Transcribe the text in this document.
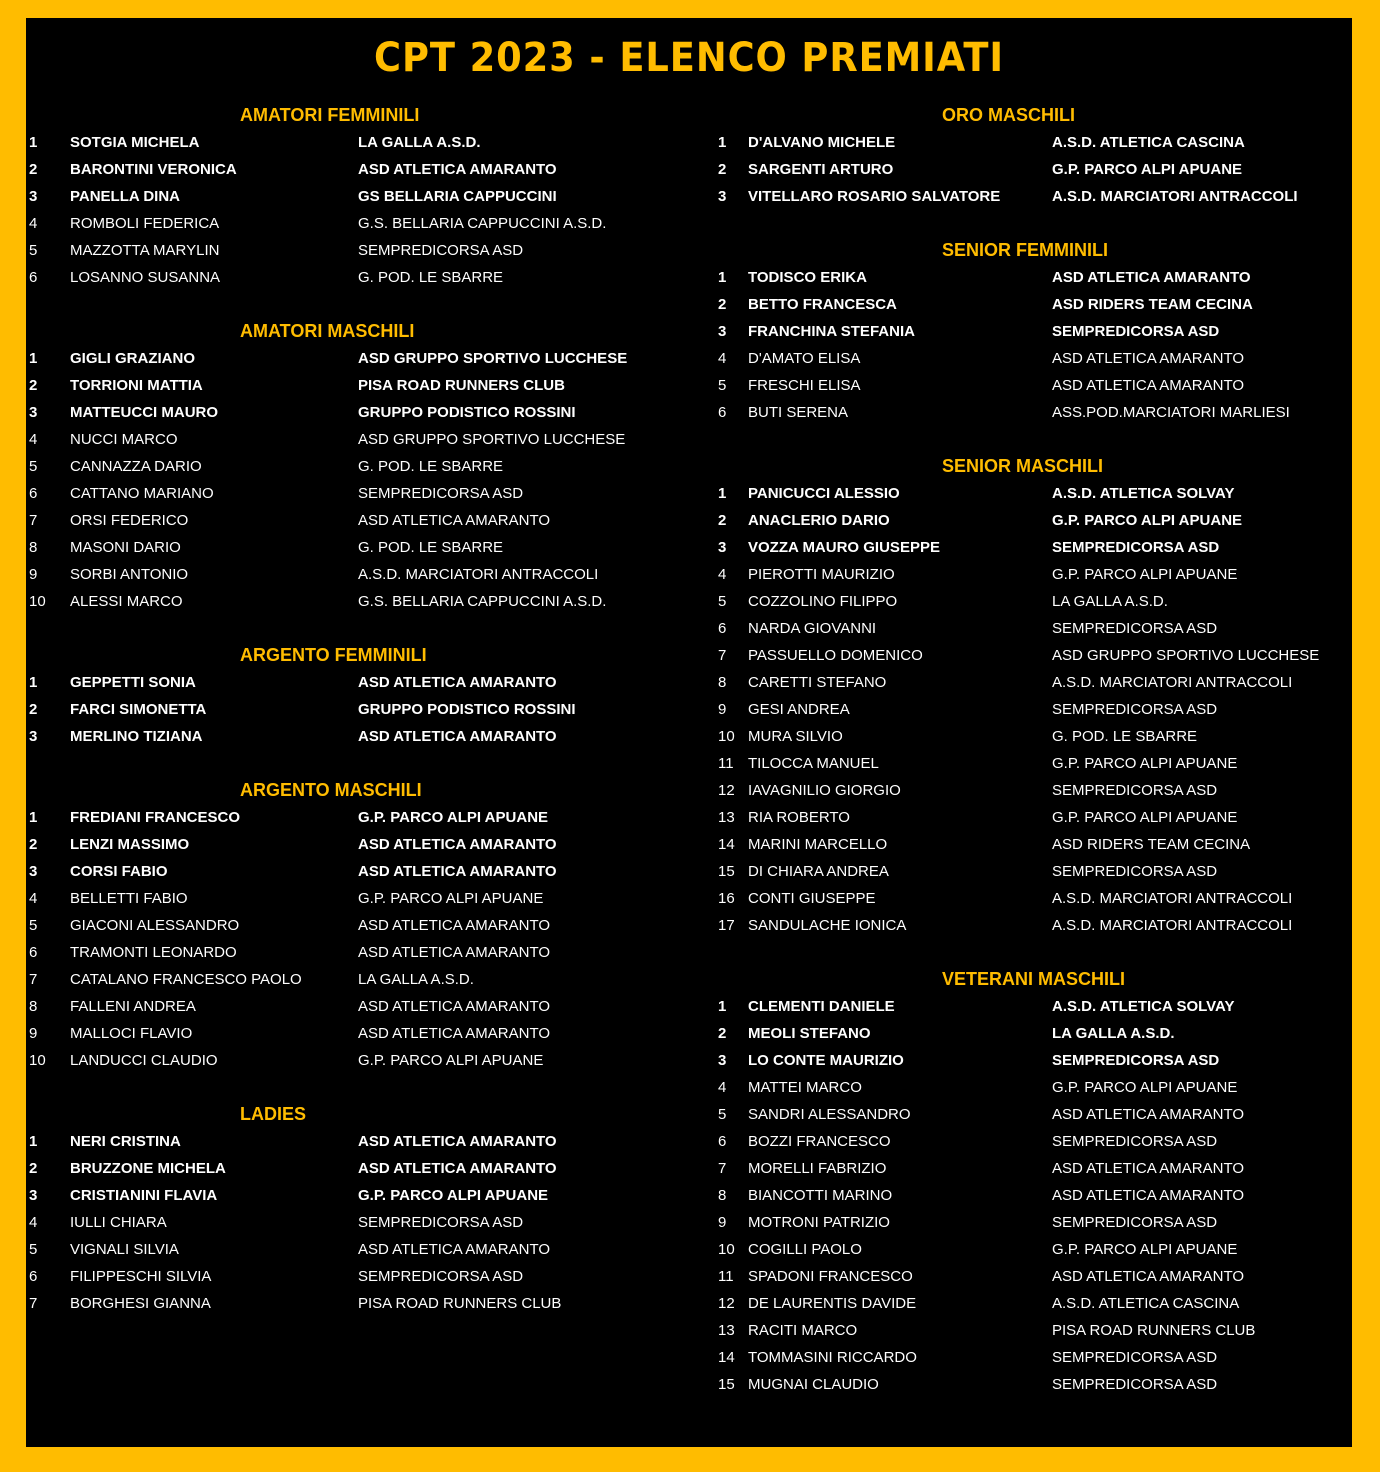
CPT 2023 - ELENCO PREMIATI
AMATORI FEMMINILI
1 SOTGIA MICHELA	LA GALLA A.S.D.
2 BARONTINI VERONICA	ASD ATLETICA AMARANTO
3 PANELLA DINA	GS BELLARIA CAPPUCCINI
4 ROMBOLI FEDERICA	G.S. BELLARIA CAPPUCCINI A.S.D.
5 MAZZOTTA MARYLIN	SEMPREDICORSA ASD
6 LOSANNO SUSANNA	G. POD. LE SBARRE
AMATORI MASCHILI
1 GIGLI GRAZIANO	ASD GRUPPO SPORTIVO LUCCHESE
2 TORRIONI MATTIA	PISA ROAD RUNNERS CLUB
3 MATTEUCCI MAURO	GRUPPO PODISTICO ROSSINI
4 NUCCI MARCO	ASD GRUPPO SPORTIVO LUCCHESE
5 CANNAZZA DARIO	G. POD. LE SBARRE
6 CATTANO MARIANO	SEMPREDICORSA ASD
7 ORSI FEDERICO	ASD ATLETICA AMARANTO
8 MASONI DARIO	G. POD. LE SBARRE
9 SORBI ANTONIO	A.S.D. MARCIATORI ANTRACCOLI
10 ALESSI MARCO	G.S. BELLARIA CAPPUCCINI A.S.D.
ARGENTO FEMMINILI
1 GEPPETTI SONIA	ASD ATLETICA AMARANTO
2 FARCI SIMONETTA	GRUPPO PODISTICO ROSSINI
3 MERLINO TIZIANA	ASD ATLETICA AMARANTO
ARGENTO MASCHILI
1 FREDIANI FRANCESCO	G.P. PARCO ALPI APUANE
2 LENZI MASSIMO	ASD ATLETICA AMARANTO
3 CORSI FABIO	ASD ATLETICA AMARANTO
4 BELLETTI FABIO	G.P. PARCO ALPI APUANE
5 GIACONI ALESSANDRO	ASD ATLETICA AMARANTO
6 TRAMONTI LEONARDO	ASD ATLETICA AMARANTO
7 CATALANO FRANCESCO PAOLO	LA GALLA A.S.D.
8 FALLENI ANDREA	ASD ATLETICA AMARANTO
9 MALLOCI FLAVIO	ASD ATLETICA AMARANTO
10 LANDUCCI CLAUDIO	G.P. PARCO ALPI APUANE
LADIES
1 NERI CRISTINA	ASD ATLETICA AMARANTO
2 BRUZZONE MICHELA	ASD ATLETICA AMARANTO
3 CRISTIANINI FLAVIA	G.P. PARCO ALPI APUANE
4 IULLI CHIARA	SEMPREDICORSA ASD
5 VIGNALI SILVIA	ASD ATLETICA AMARANTO
6 FILIPPESCHI SILVIA	SEMPREDICORSA ASD
7 BORGHESI GIANNA	PISA ROAD RUNNERS CLUB
ORO MASCHILI
1 D'ALVANO MICHELE	A.S.D. ATLETICA CASCINA
2 SARGENTI ARTURO	G.P. PARCO ALPI APUANE
3 VITELLARO ROSARIO SALVATORE	A.S.D. MARCIATORI ANTRACCOLI
SENIOR FEMMINILI
1 TODISCO ERIKA	ASD ATLETICA AMARANTO
2 BETTO FRANCESCA	ASD RIDERS TEAM CECINA
3 FRANCHINA STEFANIA	SEMPREDICORSA ASD
4 D'AMATO ELISA	ASD ATLETICA AMARANTO
5 FRESCHI ELISA	ASD ATLETICA AMARANTO
6 BUTI SERENA	ASS.POD.MARCIATORI MARLIESI
SENIOR MASCHILI
1 PANICUCCI ALESSIO	A.S.D. ATLETICA SOLVAY
2 ANACLERIO DARIO	G.P. PARCO ALPI APUANE
3 VOZZA MAURO GIUSEPPE	SEMPREDICORSA ASD
4 PIEROTTI MAURIZIO	G.P. PARCO ALPI APUANE
5 COZZOLINO FILIPPO	LA GALLA A.S.D.
6 NARDA GIOVANNI	SEMPREDICORSA ASD
7 PASSUELLO DOMENICO	ASD GRUPPO SPORTIVO LUCCHESE
8 CARETTI STEFANO	A.S.D. MARCIATORI ANTRACCOLI
9 GESI ANDREA	SEMPREDICORSA ASD
10 MURA SILVIO	G. POD. LE SBARRE
11 TILOCCA MANUEL	G.P. PARCO ALPI APUANE
12 IAVAGNILIO GIORGIO	SEMPREDICORSA ASD
13 RIA ROBERTO	G.P. PARCO ALPI APUANE
14 MARINI MARCELLO	ASD RIDERS TEAM CECINA
15 DI CHIARA ANDREA	SEMPREDICORSA ASD
16 CONTI GIUSEPPE	A.S.D. MARCIATORI ANTRACCOLI
17 SANDULACHE IONICA	A.S.D. MARCIATORI ANTRACCOLI
VETERANI MASCHILI
1 CLEMENTI DANIELE	A.S.D. ATLETICA SOLVAY
2 MEOLI STEFANO	LA GALLA A.S.D.
3 LO CONTE MAURIZIO	SEMPREDICORSA ASD
4 MATTEI MARCO	G.P. PARCO ALPI APUANE
5 SANDRI ALESSANDRO	ASD ATLETICA AMARANTO
6 BOZZI FRANCESCO	SEMPREDICORSA ASD
7 MORELLI FABRIZIO	ASD ATLETICA AMARANTO
8 BIANCOTTI MARINO	ASD ATLETICA AMARANTO
9 MOTRONI PATRIZIO	SEMPREDICORSA ASD
10 COGILLI PAOLO	G.P. PARCO ALPI APUANE
11 SPADONI FRANCESCO	ASD ATLETICA AMARANTO
12 DE LAURENTIS DAVIDE	A.S.D. ATLETICA CASCINA
13 RACITI MARCO	PISA ROAD RUNNERS CLUB
14 TOMMASINI RICCARDO	SEMPREDICORSA ASD
15 MUGNAI CLAUDIO	SEMPREDICORSA ASD
